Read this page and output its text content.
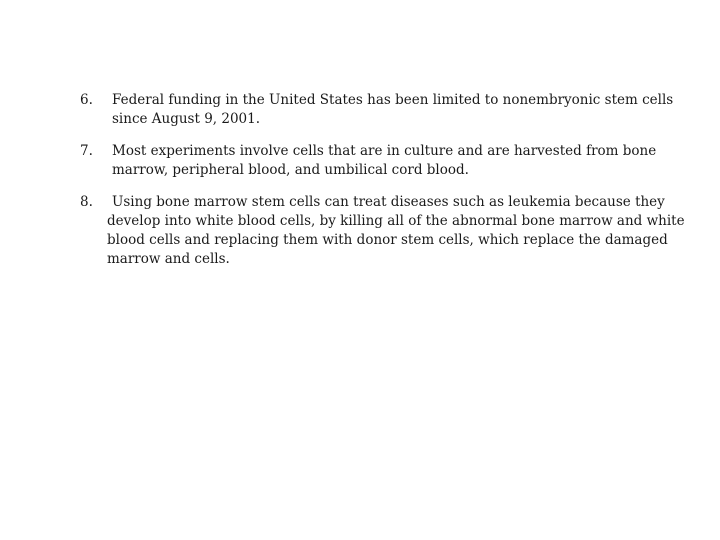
6.	Federal funding in the United States has been limited to nonembryonic stem cells since August 9, 2001.
7.	Most experiments involve cells that are in culture and are harvested from bone marrow, peripheral blood, and umbilical cord blood.
8.	Using bone marrow stem cells can treat diseases such as leukemia because they develop into white blood cells, by killing all of the abnormal bone marrow and white blood cells and replacing them with donor stem cells, which replace the damaged marrow and cells.
